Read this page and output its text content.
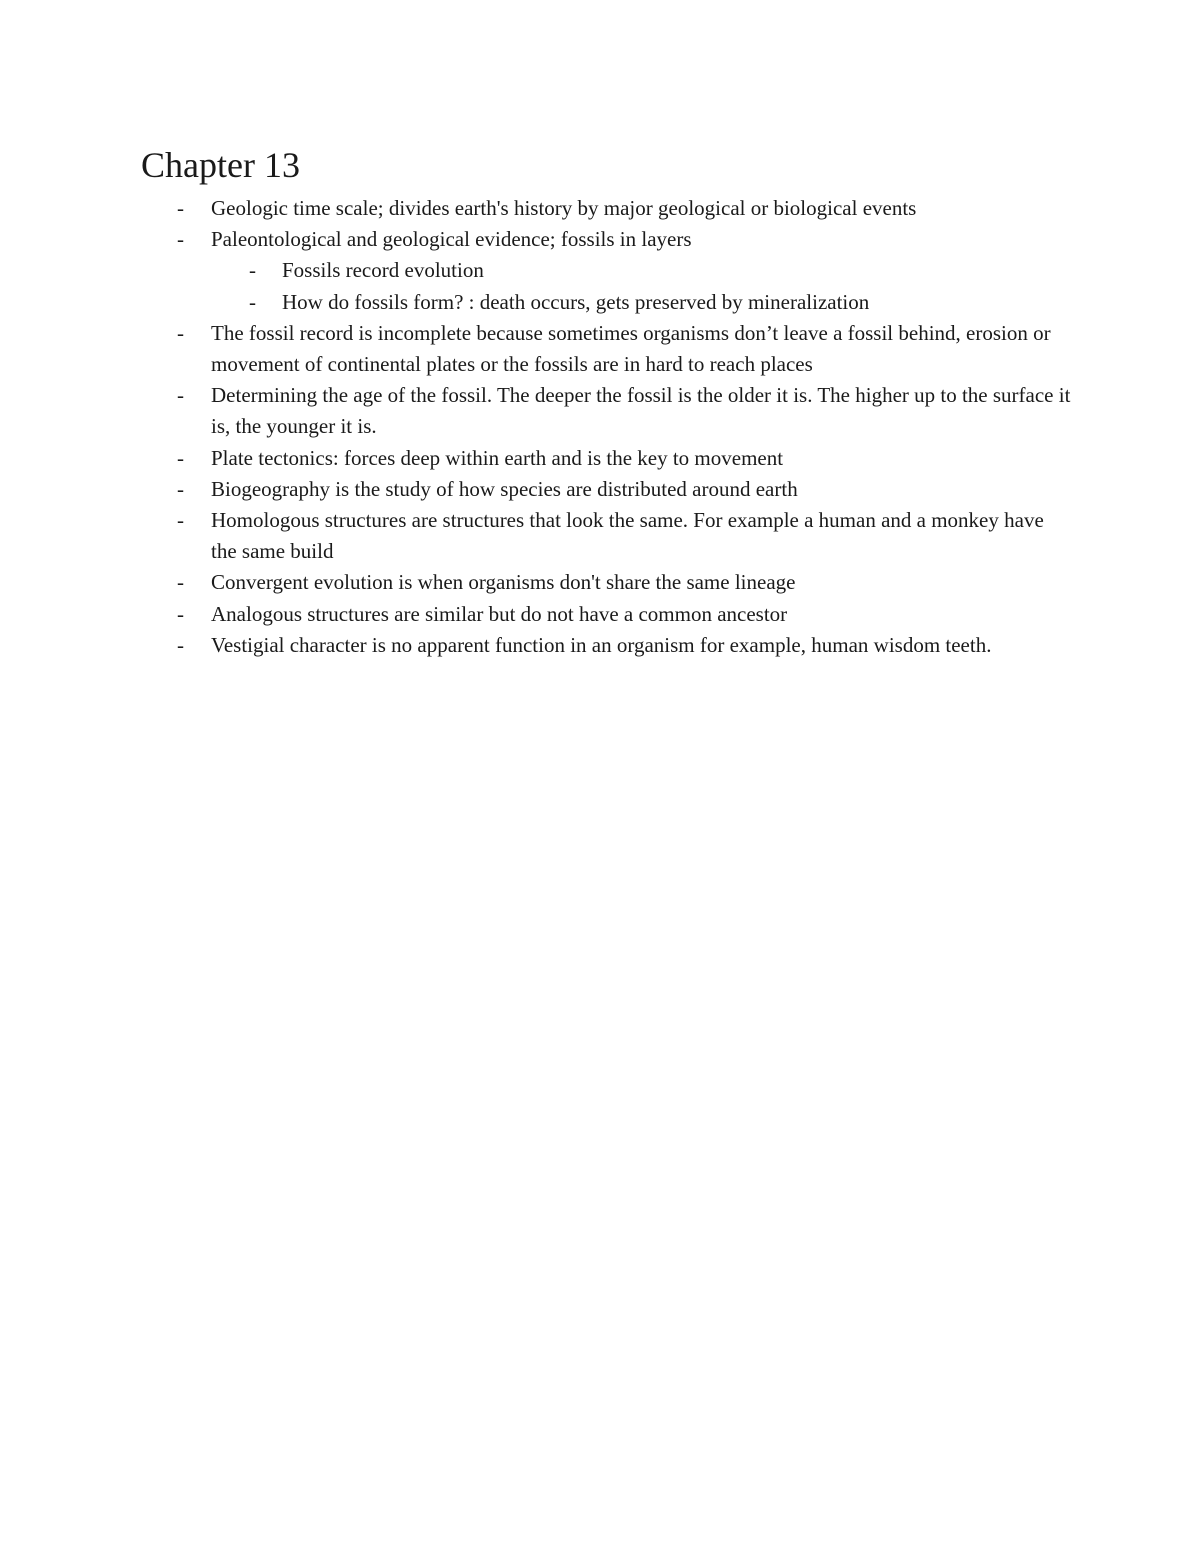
Chapter 13
- Geologic time scale; divides earth's history by major geological or biological events
- Paleontological and geological evidence; fossils in layers
- Fossils record evolution
- How do fossils form? : death occurs, gets preserved by mineralization
- The fossil record is incomplete because sometimes organisms don’t leave a fossil behind, erosion or movement of continental plates or the fossils are in hard to reach places
- Determining the age of the fossil. The deeper the fossil is the older it is. The higher up to the surface it is, the younger it is.
- Plate tectonics: forces deep within earth and is the key to movement
- Biogeography is the study of how species are distributed around earth
- Homologous structures are structures that look the same. For example a human and a monkey have the same build
- Convergent evolution is when organisms don't share the same lineage
- Analogous structures are similar but do not have a common ancestor
- Vestigial character is no apparent function in an organism for example, human wisdom teeth.
